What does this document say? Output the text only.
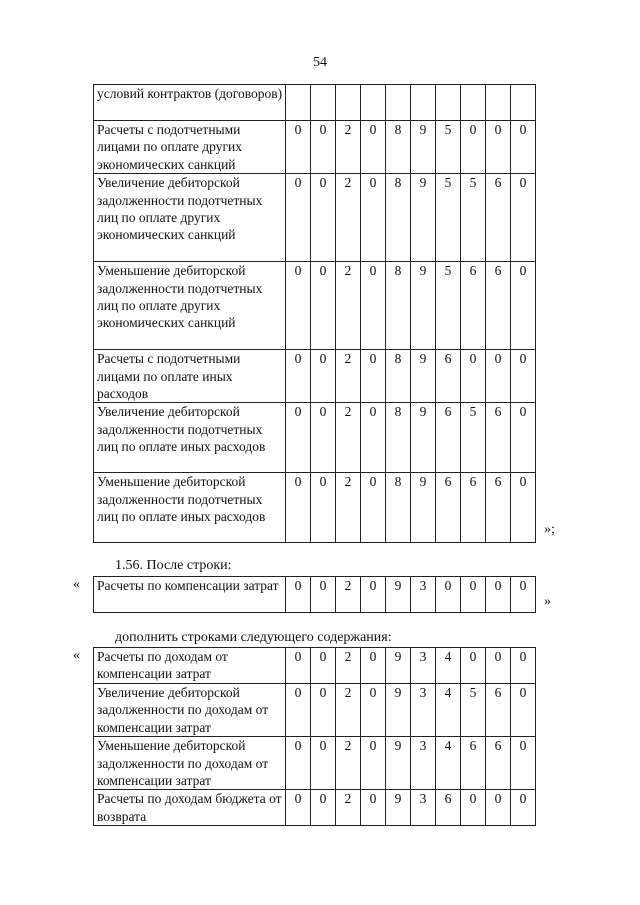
54
условий контрактов (договоров)										
Расчеты с подотчетными лицами по оплате других экономических санкций	0	0	2	0	8	9	5	0	0	0
Увеличение дебиторской задолженности подотчетных лиц по оплате других экономических санкций	0	0	2	0	8	9	5	5	6	0
Уменьшение дебиторской задолженности подотчетных лиц по оплате других экономических санкций	0	0	2	0	8	9	5	6	6	0
Расчеты с подотчетными лицами по оплате иных расходов	0	0	2	0	8	9	6	0	0	0
Увеличение дебиторской задолженности подотчетных лиц по оплате иных расходов	0	0	2	0	8	9	6	5	6	0
Уменьшение дебиторской задолженности подотчетных лиц по оплате иных расходов	0	0	2	0	8	9	6	6	6	0
»;
1.56. После строки:
« Расчеты по компенсации затрат	0	0	2	0	9	3	0	0	0	0
»
дополнить строками следующего содержания:
« Расчеты по доходам от компенсации затрат	0	0	2	0	9	3	4	0	0	0
Увеличение дебиторской задолженности по доходам от компенсации затрат	0	0	2	0	9	3	4	5	6	0
Уменьшение дебиторской задолженности по доходам от компенсации затрат	0	0	2	0	9	3	4	6	6	0
Расчеты по доходам бюджета от возврата	0	0	2	0	9	3	6	0	0	0
